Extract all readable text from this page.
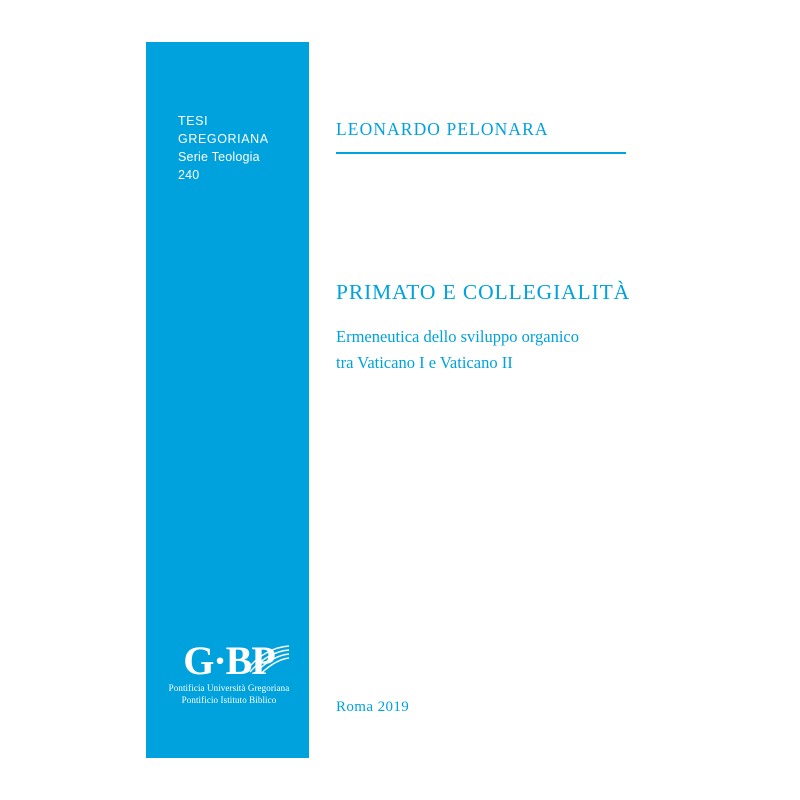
TESI GREGORIANA
Serie Teologia
240
G·BP
Pontificia Università Gregoriana
Pontificio Istituto Biblico
LEONARDO PELONARA
PRIMATO E COLLEGIALITÀ
Ermeneutica dello sviluppo organico
tra Vaticano I e Vaticano II
Roma 2019
